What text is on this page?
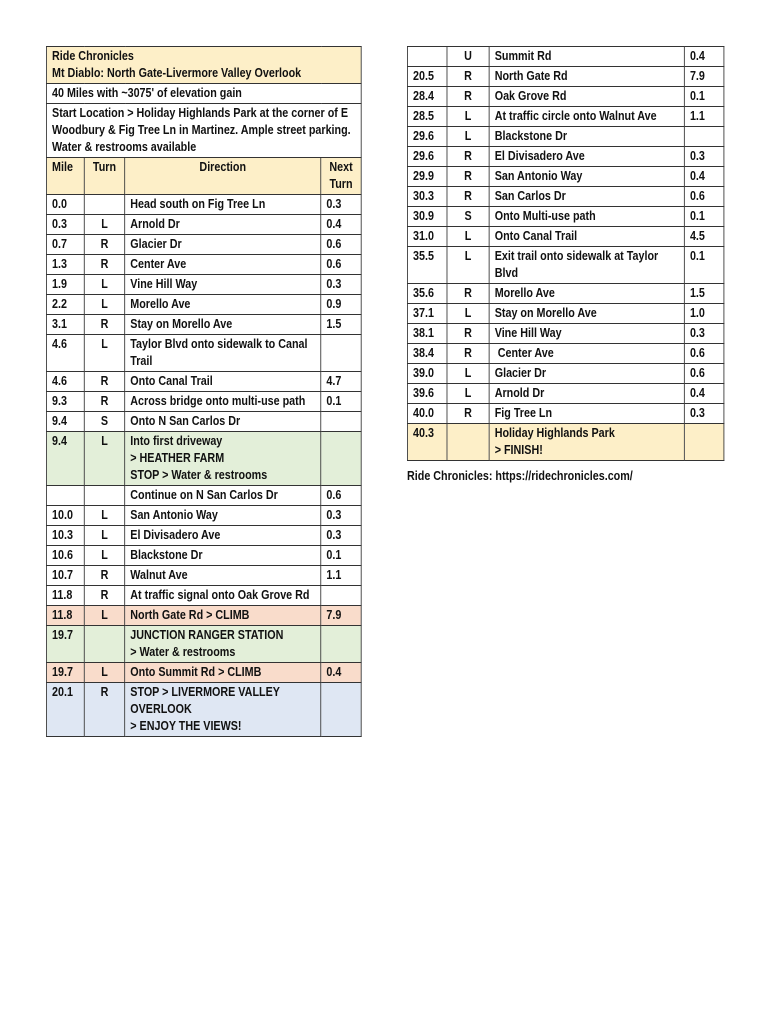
Ride Chronicles
Mt Diablo: North Gate-Livermore Valley Overlook			

40 Miles with ~3075' of elevation gain			
Start Location > Holiday Highlands Park at the corner of E Woodbury & Fig Tree Ln in Martinez. Ample street parking. Water & restrooms available			
Mile	Turn	Direction	Next Turn
0.0		Head south on Fig Tree Ln	0.3
0.3	L	Arnold Dr	0.4
0.7	R	Glacier Dr	0.6
1.3	R	Center Ave	0.6
1.9	L	Vine Hill Way	0.3
2.2	L	Morello Ave	0.9
3.1	R	Stay on Morello Ave	1.5
4.6	L	Taylor Blvd onto sidewalk to Canal Trail	

4.6	R	Onto Canal Trail	4.7
9.3	R	Across bridge onto multi-use path	0.1
9.4	S	Onto N San Carlos Dr	

9.4	L	Into first driveway
> HEATHER FARM
STOP > Water & restrooms	

		Continue on N San Carlos Dr	0.6
10.0	L	San Antonio Way	0.3
10.3	L	El Divisadero Ave	0.3
10.6	L	Blackstone Dr	0.1
10.7	R	Walnut Ave	1.1
11.8	R	At traffic signal onto Oak Grove Rd	

11.8	L	North Gate Rd > CLIMB	7.9
19.7		JUNCTION RANGER STATION
> Water & restrooms	

19.7	L	Onto Summit Rd > CLIMB	0.4
20.1	R	STOP > LIVERMORE VALLEY OVERLOOK
> ENJOY THE VIEWS!	

	U	Summit Rd	0.4
20.5	R	North Gate Rd	7.9
28.4	R	Oak Grove Rd	0.1
28.5	L	At traffic circle onto Walnut Ave	1.1
29.6	L	Blackstone Dr	

29.6	R	El Divisadero Ave	0.3
29.9	R	San Antonio Way	0.4
30.3	R	San Carlos Dr	0.6
30.9	S	Onto Multi-use path	0.1
31.0	L	Onto Canal Trail	4.5
35.5	L	Exit trail onto sidewalk at Taylor Blvd	0.1
35.6	R	Morello Ave	1.5
37.1	L	Stay on Morello Ave	1.0
38.1	R	Vine Hill Way	0.3
38.4	R	Center Ave	0.6
39.0	L	Glacier Dr	0.6
39.6	L	Arnold Dr	0.4
40.0	R	Fig Tree Ln	0.3
40.3		Holiday Highlands Park
> FINISH!	

Ride Chronicles: https://ridechronicles.com/
